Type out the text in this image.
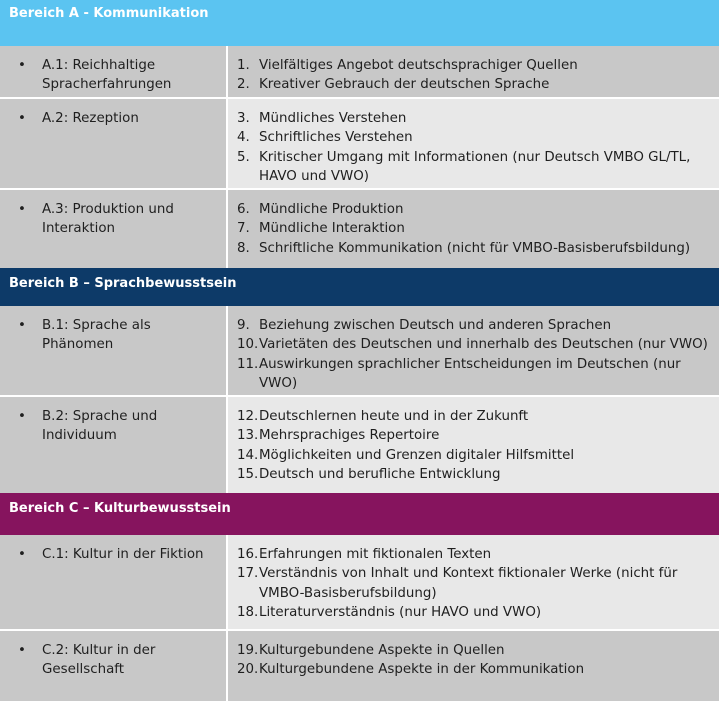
Bereich A - Kommunikation
• A.1: Reichhaltige Spracherfahrungen

1. Vielfältiges Angebot deutschsprachiger Quellen
2. Kreativer Gebrauch der deutschen Sprache
• A.2: Rezeption	3. Mündliches Verstehen
4. Schriftliches Verstehen
5. Kritischer Umgang mit Informationen (nur Deutsch VMBO GL/TL, HAVO und VWO)
• A.3: Produktion und Interaktion

6. Mündliche Produktion
7. Mündliche Interaktion
8. Schriftliche Kommunikation (nicht für VMBO-Basisberufsbildung)
Bereich B – Sprachbewusstsein
• B.1: Sprache als Phänomen

9. Beziehung zwischen Deutsch und anderen Sprachen
10. Varietäten des Deutschen und innerhalb des Deutschen (nur VWO)
11. Auswirkungen sprachlicher Entscheidungen im Deutschen (nur VWO)
• B.2: Sprache und Individuum

12. Deutschlernen heute und in der Zukunft
13. Mehrsprachiges Repertoire
14. Möglichkeiten und Grenzen digitaler Hilfsmittel
15. Deutsch und berufliche Entwicklung
Bereich C – Kulturbewusstsein
• C.1: Kultur in der Fiktion	16. Erfahrungen mit fiktionalen Texten
17. Verständnis von Inhalt und Kontext fiktionaler Werke (nicht für VMBO-Basisberufsbildung)
18. Literaturverständnis (nur HAVO und VWO)
• C.2: Kultur in der Gesellschaft

19. Kulturgebundene Aspekte in Quellen
20. Kulturgebundene Aspekte in der Kommunikation
